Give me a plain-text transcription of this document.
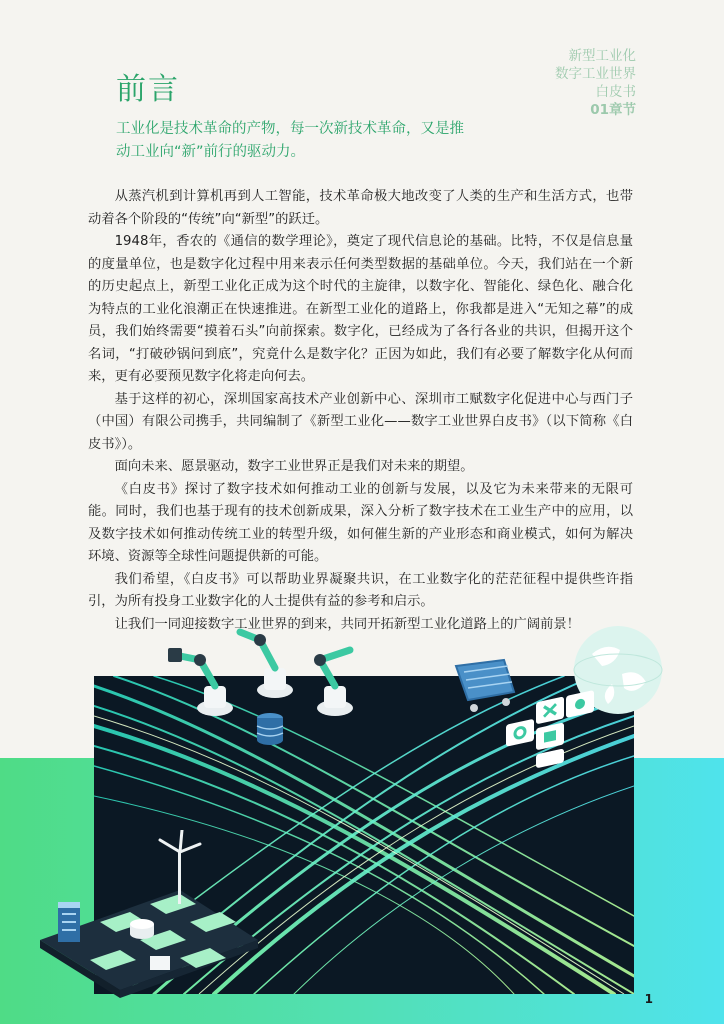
新型工业化
数字工业世界
白皮书
01章节
前言
工业化是技术革命的产物，每一次新技术革命，又是推动工业向“新”前行的驱动力。

从蒸汽机到计算机再到人工智能，技术革命极大地改变了人类的生产和生活方式，也带动着各个阶段的“传统”向“新型”的跃迁。

1948年，香农的《通信的数学理论》，奠定了现代信息论的基础。比特，不仅是信息量的度量单位，也是数字化过程中用来表示任何类型数据的基础单位。今天，我们站在一个新的历史起点上，新型工业化正成为这个时代的主旋律，以数字化、智能化、绿色化、融合化为特点的工业化浪潮正在快速推进。在新型工业化的道路上，你我都是进入“无知之幕”的成员，我们始终需要“摸着石头”向前探索。数字化，已经成为了各行各业的共识，但揭开这个名词，“打破砂锅问到底”，究竟什么是数字化？正因为如此，我们有必要了解数字化从何而来，更有必要预见数字化将走向何去。

基于这样的初心，深圳国家高技术产业创新中心、深圳市工赋数字化促进中心与西门子（中国）有限公司携手，共同编制了《新型工业化——数字工业世界白皮书》（以下简称《白皮书》）。

面向未来、愿景驱动，数字工业世界正是我们对未来的期望。

《白皮书》探讨了数字技术如何推动工业的创新与发展，以及它为未来带来的无限可能。同时，我们也基于现有的技术创新成果，深入分析了数字技术在工业生产中的应用，以及数字技术如何推动传统工业的转型升级，如何催生新的产业形态和商业模式，如何为解决环境、资源等全球性问题提供新的可能。

我们希望，《白皮书》可以帮助业界凝聚共识，在工业数字化的茫茫征程中提供些许指引，为所有投身工业数字化的人士提供有益的参考和启示。

让我们一同迎接数字工业世界的到来，共同开拓新型工业化道路上的广阔前景！

1
